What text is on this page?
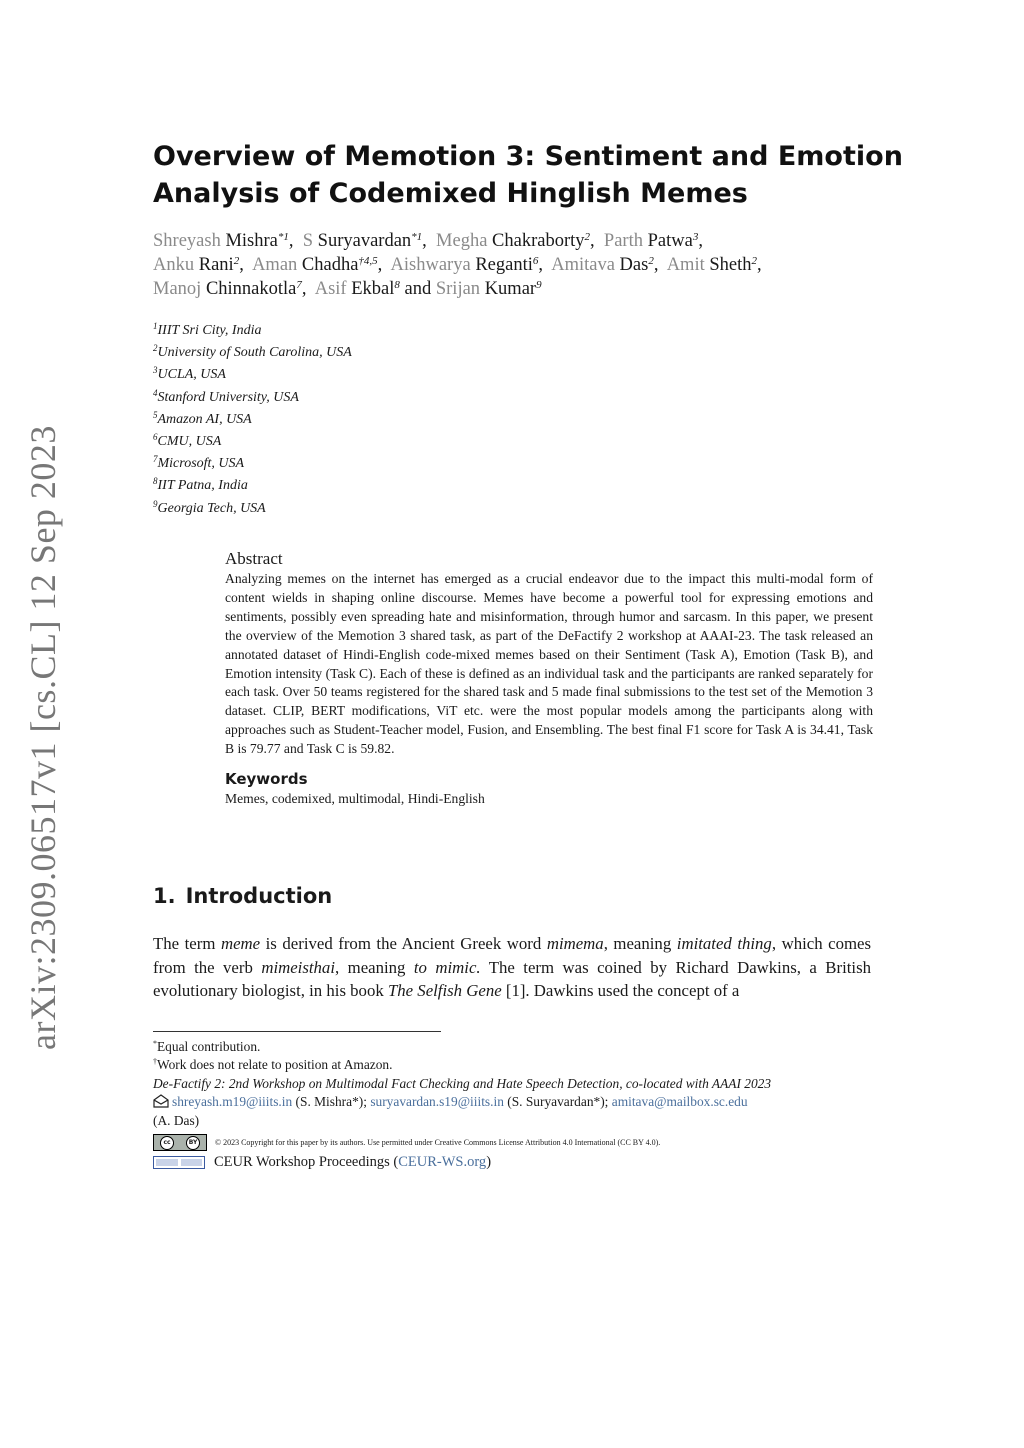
arXiv:2309.06517v1 [cs.CL] 12 Sep 2023
Overview of Memotion 3: Sentiment and Emotion
Analysis of Codemixed Hinglish Memes
Shreyash Mishra$^{*1}$,  S Suryavardan$^{*1}$,  Megha Chakraborty$^2$,  Parth Patwa$^3$,
Anku Rani$^2$,  Aman Chadha$^{\dagger 4,5}$,  Aishwarya Reganti$^6$,  Amitava Das$^2$,  Amit Sheth$^2$,
Manoj Chinnakotla$^7$,  Asif Ekbal$^8$ and Srijan Kumar$^9$
$^1$IIIT Sri City, India
$^2$University of South Carolina, USA
$^3$UCLA, USA
$^4$Stanford University, USA
$^5$Amazon AI, USA
$^6$CMU, USA
$^7$Microsoft, USA
$^8$IIT Patna, India
$^9$Georgia Tech, USA
Abstract
Analyzing memes on the internet has emerged as a crucial endeavor due to the impact this multi-modal form of content wields in shaping online discourse. Memes have become a powerful tool for expressing emotions and sentiments, possibly even spreading hate and misinformation, through humor and sarcasm. In this paper, we present the overview of the Memotion 3 shared task, as part of the DeFactify 2 workshop at AAAI-23. The task released an annotated dataset of Hindi-English code-mixed memes based on their Sentiment (Task A), Emotion (Task B), and Emotion intensity (Task C). Each of these is defined as an individual task and the participants are ranked separately for each task. Over 50 teams registered for the shared task and 5 made final submissions to the test set of the Memotion 3 dataset. CLIP, BERT modifications, ViT etc. were the most popular models among the participants along with approaches such as Student-Teacher model, Fusion, and Ensembling. The best final F1 score for Task A is 34.41, Task B is 79.77 and Task C is 59.82.
Keywords
Memes, codemixed, multimodal, Hindi-English
1. Introduction
The term meme is derived from the Ancient Greek word mimema, meaning imitated thing, which comes from the verb mimeisthai, meaning to mimic. The term was coined by Richard Dawkins, a British evolutionary biologist, in his book The Selfish Gene [1]. Dawkins used the concept of a
*Equal contribution.
†Work does not relate to position at Amazon.
De-Factify 2: 2nd Workshop on Multimodal Fact Checking and Hate Speech Detection, co-located with AAAI 2023
shreyash.m19@iiits.in (S. Mishra*); suryavardan.s19@iiits.in (S. Suryavardan*); amitava@mailbox.sc.edu
(A. Das)
cc	BY	© 2023 Copyright for this paper by its authors. Use permitted under Creative Commons License Attribution 4.0 International (CC BY 4.0).
CEUR Workshop Proceedings (CEUR-WS.org)
